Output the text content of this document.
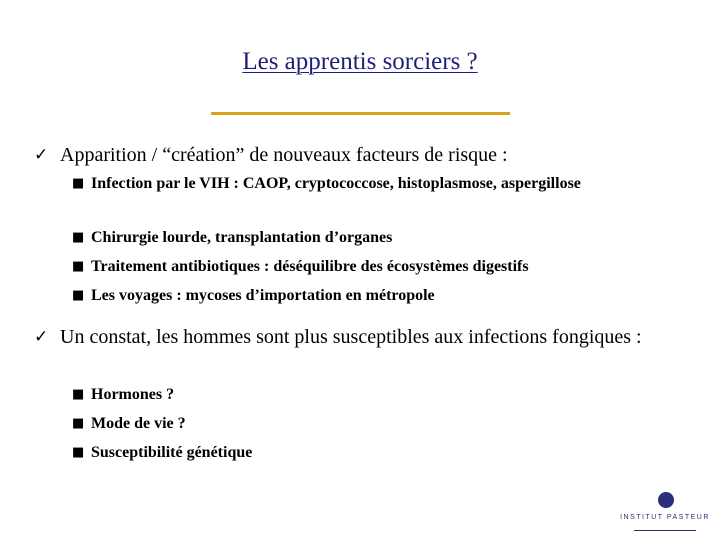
Les apprentis sorciers ?
✓ Apparition / “création” de nouveaux facteurs de risque :
■ Infection par le VIH : CAOP, cryptococcose, histoplasmose, aspergillose
■ Chirurgie lourde, transplantation d’organes
■ Traitement antibiotiques : déséquilibre des écosystèmes digestifs
■ Les voyages : mycoses d’importation en métropole
✓ Un constat, les hommes sont plus susceptibles aux infections fongiques :
■ Hormones ?
■ Mode de vie ?
■ Susceptibilité génétique
INSTITUT PASTEUR
